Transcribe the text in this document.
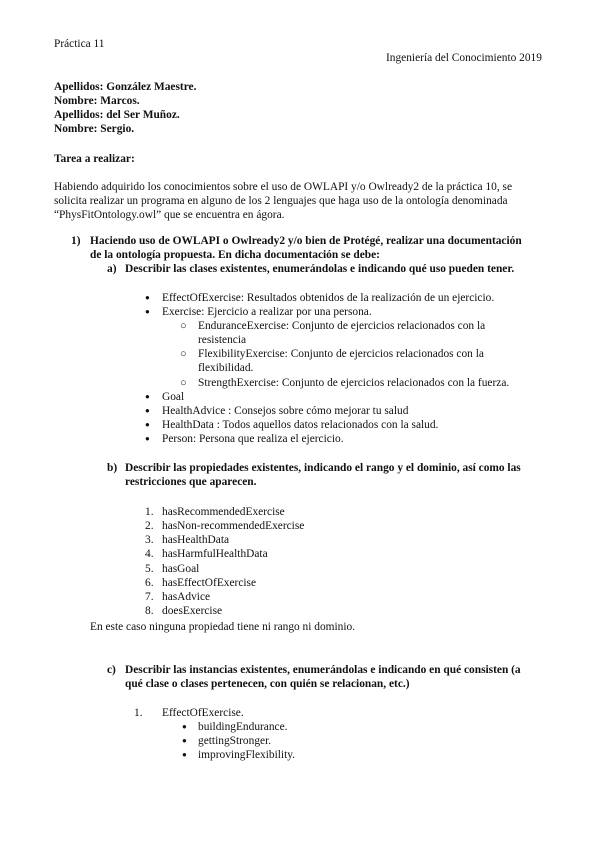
Práctica 11
Ingeniería del Conocimiento 2019
Apellidos: González Maestre.
Nombre: Marcos.
Apellidos: del Ser Muñoz.
Nombre: Sergio.
Tarea a realizar:
Habiendo adquirido los conocimientos sobre el uso de OWLAPI y/o Owlready2 de la práctica 10, se
solicita realizar un programa en alguno de los 2 lenguajes que haga uso de la ontología denominada
“PhysFitOntology.owl” que se encuentra en ágora.
1) Haciendo uso de OWLAPI o Owlready2 y/o bien de Protégé, realizar una documentación
de la ontología propuesta. En dicha documentación se debe:
a) Describir las clases existentes, enumerándolas e indicando qué uso pueden tener.
●
EffectOfExercise: Resultados obtenidos de la realización de un ejercicio.
●
Exercise: Ejercicio a realizar por una persona.
○
EnduranceExercise: Conjunto de ejercicios relacionados con la
resistencia
○
FlexibilityExercise: Conjunto de ejercicios relacionados con la
flexibilidad.
○
StrengthExercise: Conjunto de ejercicios relacionados con la fuerza.
●
Goal
●
HealthAdvice : Consejos sobre cómo mejorar tu salud
●
HealthData : Todos aquellos datos relacionados con la salud.
●
Person: Persona que realiza el ejercicio.
b) Describir las propiedades existentes, indicando el rango y el dominio, así como las
restricciones que aparecen.
1. hasRecommendedExercise
2. hasNon-recommendedExercise
3. hasHealthData
4. hasHarmfulHealthData
5. hasGoal
6. hasEffectOfExercise
7. hasAdvice
8. doesExercise
En este caso ninguna propiedad tiene ni rango ni dominio.
c) Describir las instancias existentes, enumerándolas e indicando en qué consisten (a
qué clase o clases pertenecen, con quién se relacionan, etc.)
1. EffectOfExercise.
●
buildingEndurance.
●
gettingStronger.
●
improvingFlexibility.
